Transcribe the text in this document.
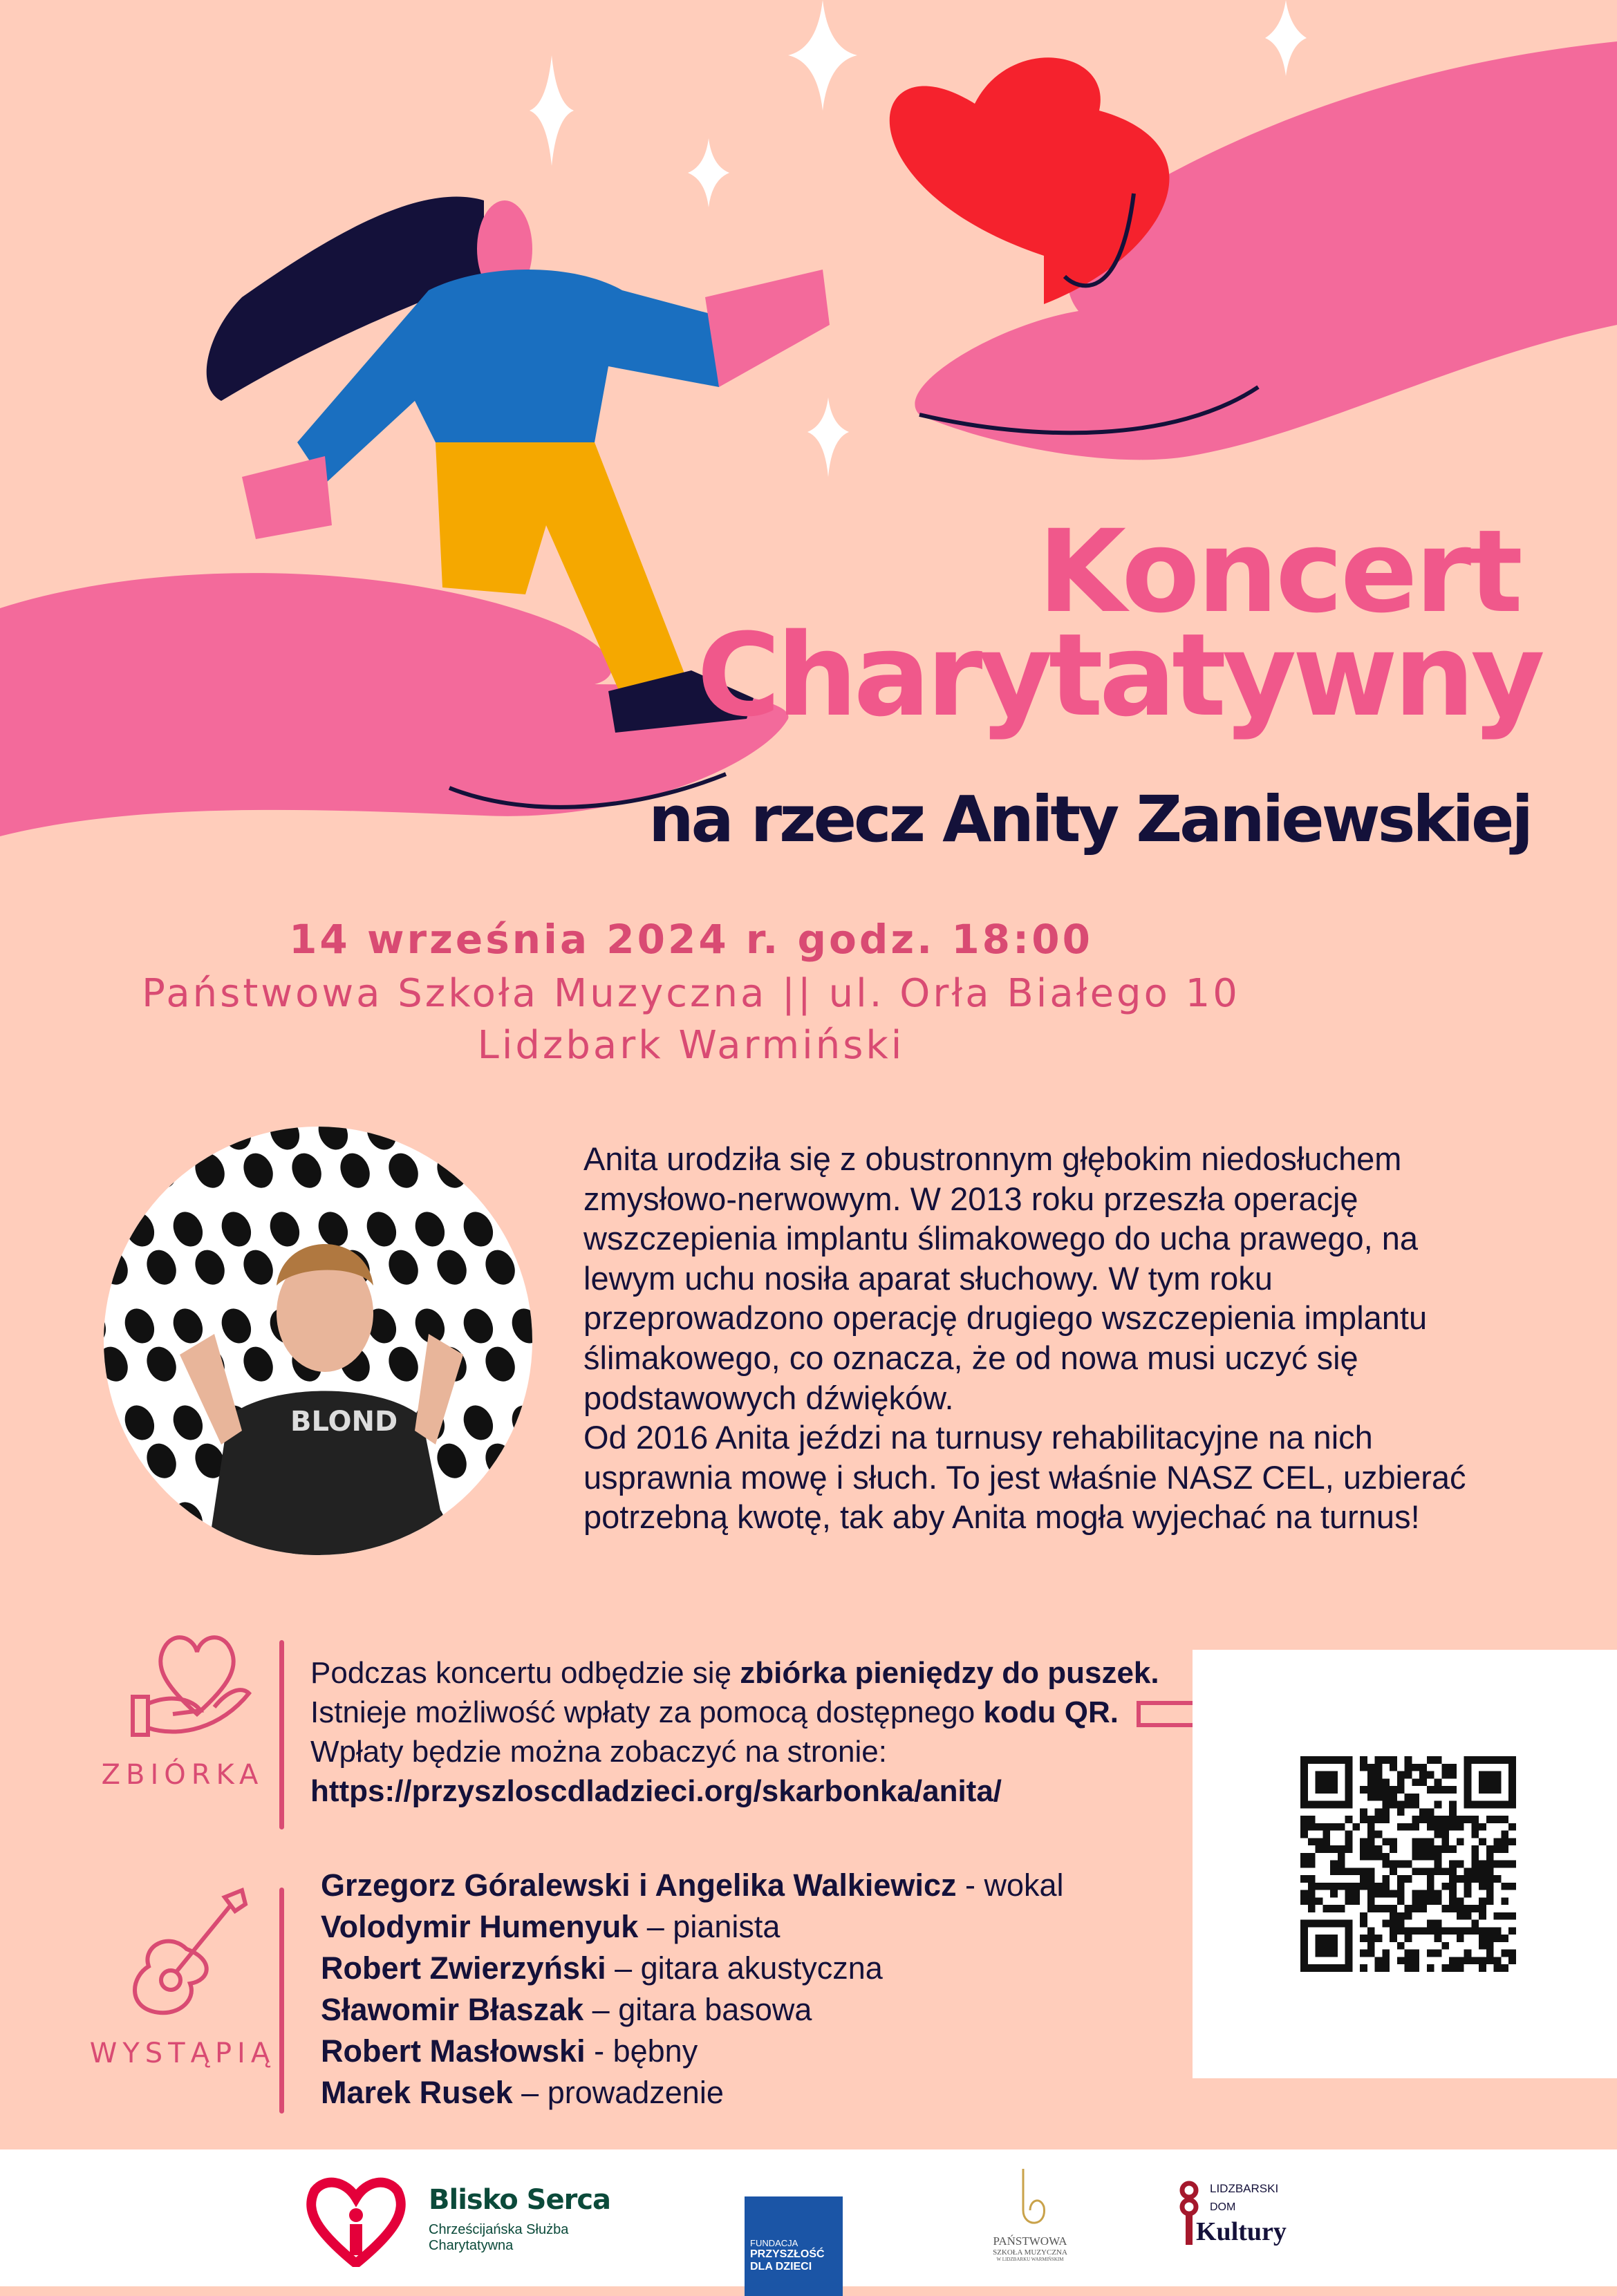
Koncert
Charytatywny
na rzecz Anity Zaniewskiej
14 września 2024 r. godz. 18:00
Państwowa Szkoła Muzyczna || ul. Orła Białego 10
Lidzbark Warmiński
BLOND
Anita urodziła się z obustronnym głębokim niedosłuchem
zmysłowo-nerwowym. W 2013 roku przeszła operację
wszczepienia implantu ślimakowego do ucha prawego, na
lewym uchu nosiła aparat słuchowy. W tym roku
przeprowadzono operację drugiego wszczepienia implantu
ślimakowego, co oznacza, że od nowa musi uczyć się
podstawowych dźwięków.
Od 2016 Anita jeździ na turnusy rehabilitacyjne na nich
usprawnia mowę i słuch. To jest właśnie NASZ CEL, uzbierać
potrzebną kwotę, tak aby Anita mogła wyjechać na turnus!
ZBIÓRKA
Podczas koncertu odbędzie się zbiórka pieniędzy do puszek.
Istnieje możliwość wpłaty za pomocą dostępnego kodu QR.
Wpłaty będzie można zobaczyć na stronie:
https://przyszloscdladzieci.org/skarbonka/anita/
WYSTĄPIĄ
Grzegorz Góralewski i Angelika Walkiewicz - wokal
Volodymir Humenyuk – pianista
Robert Zwierzyński – gitara akustyczna
Sławomir Błaszak – gitara basowa
Robert Masłowski - bębny
Marek Rusek – prowadzenie
Blisko Serca
Chrześcijańska Służba
Charytatywna	FUNDACJA
PRZYSZŁOŚĆ
DLA DZIECI
PAŃSTWOWA
SZKOŁA MUZYCZNA
W LIDZBARKU WARMIŃSKIM
LIDZBARSKI
DOM
Kultury
